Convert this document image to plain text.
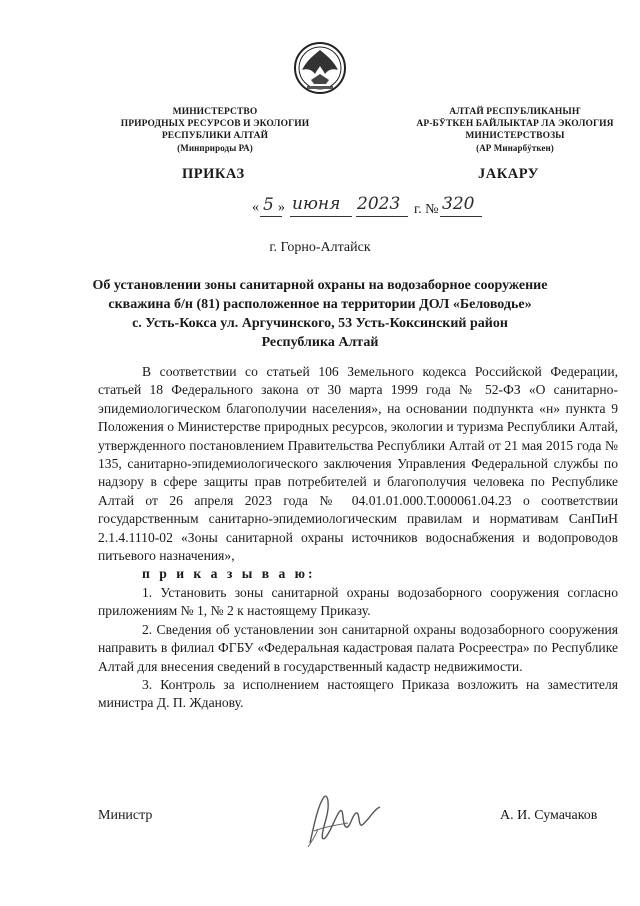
МИНИСТЕРСТВО
ПРИРОДНЫХ РЕСУРСОВ И ЭКОЛОГИИ
РЕСПУБЛИКИ АЛТАЙ
(Минприроды РА)
АЛТАЙ РЕСПУБЛИКАНЫҤ
АР-БӰТКЕН БАЙЛЫКТАР ЛА ЭКОЛОГИЯ
МИНИСТЕРСТВОЗЫ
(АР Минарбӱткен)
ПРИКАЗ	JАКАРУ
« 5 » июня 2023 г. № 320
г. Горно-Алтайск
Об установлении зоны санитарной охраны на водозаборное сооружение
скважина б/н (81) расположенное на территории ДОЛ «Беловодье»
с. Усть-Кокса ул. Аргучинского, 53 Усть-Коксинский район
Республика Алтай

В соответствии со статьей 106 Земельного кодекса Российской Федерации, статьей 18 Федерального закона от 30 марта 1999 года № 52-ФЗ «О санитарно-эпидемиологическом благополучии населения», на основании подпункта «н» пункта 9 Положения о Министерстве природных ресурсов, экологии и туризма Республики Алтай, утвержденного постановлением Правительства Республики Алтай от 21 мая 2015 года № 135, санитарно-эпидемиологического заключения Управления Федеральной службы по надзору в сфере защиты прав потребителей и благополучия человека по Республике Алтай от 26 апреля 2023 года № 04.01.01.000.Т.000061.04.23 о соответствии государственным санитарно-эпидемиологическим правилам и нормативам СанПиН 2.1.4.1110-02 «Зоны санитарной охраны источников водоснабжения и водопроводов питьевого назначения»,

п р и к а з ы в а ю:

1. Установить зоны санитарной охраны водозаборного сооружения согласно приложениям № 1, № 2 к настоящему Приказу.

2. Сведения об установлении зон санитарной охраны водозаборного сооружения направить в филиал ФГБУ «Федеральная кадастровая палата Росреестра» по Республике Алтай для внесения сведений в государственный кадастр недвижимости.

3. Контроль за исполнением настоящего Приказа возложить на заместителя министра Д. П. Жданову.

Министр	А. И. Сумачаков
